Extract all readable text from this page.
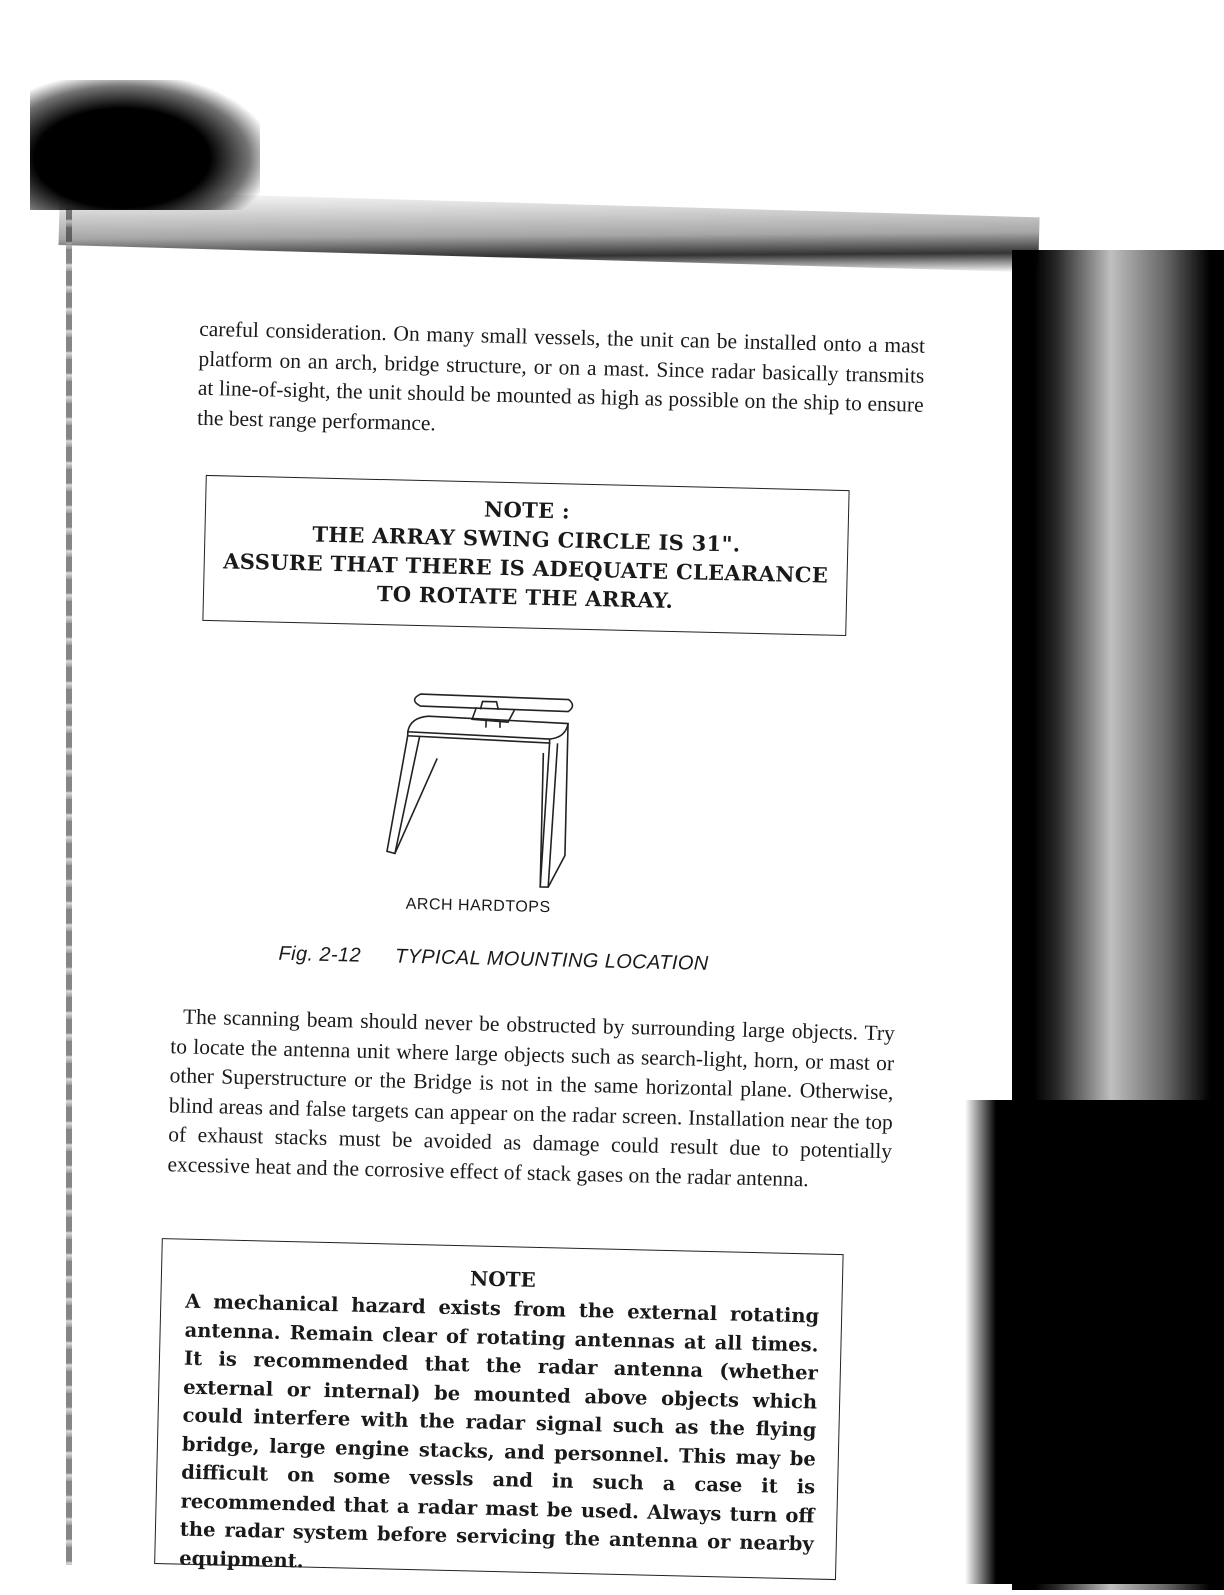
careful consideration. On many small vessels, the unit can be installed onto a mast platform on an arch, bridge structure, or on a mast. Since radar basically transmits at line-of-sight, the unit should be mounted as high as possible on the ship to ensure the best range performance.

NOTE :
THE ARRAY SWING CIRCLE IS 31".
ASSURE THAT THERE IS ADEQUATE CLEARANCE
TO ROTATE THE ARRAY.
ARCH HARDTOPS
Fig. 2-12 TYPICAL MOUNTING LOCATION

The scanning beam should never be obstructed by surrounding large objects. Try to locate the antenna unit where large objects such as search-light, horn, or mast or other Superstructure or the Bridge is not in the same horizontal plane. Otherwise, blind areas and false targets can appear on the radar screen. Installation near the top of exhaust stacks must be avoided as damage could result due to potentially excessive heat and the corrosive effect of stack gases on the radar antenna.

NOTE

A mechanical hazard exists from the external rotating antenna. Remain clear of rotating antennas at all times. It is recommended that the radar antenna (whether external or internal) be mounted above objects which could interfere with the radar signal such as the flying bridge, large engine stacks, and personnel. This may be difficult on some vessls and in such a case it is recommended that a radar mast be used. Always turn off the radar system before servicing the antenna or nearby equipment.
